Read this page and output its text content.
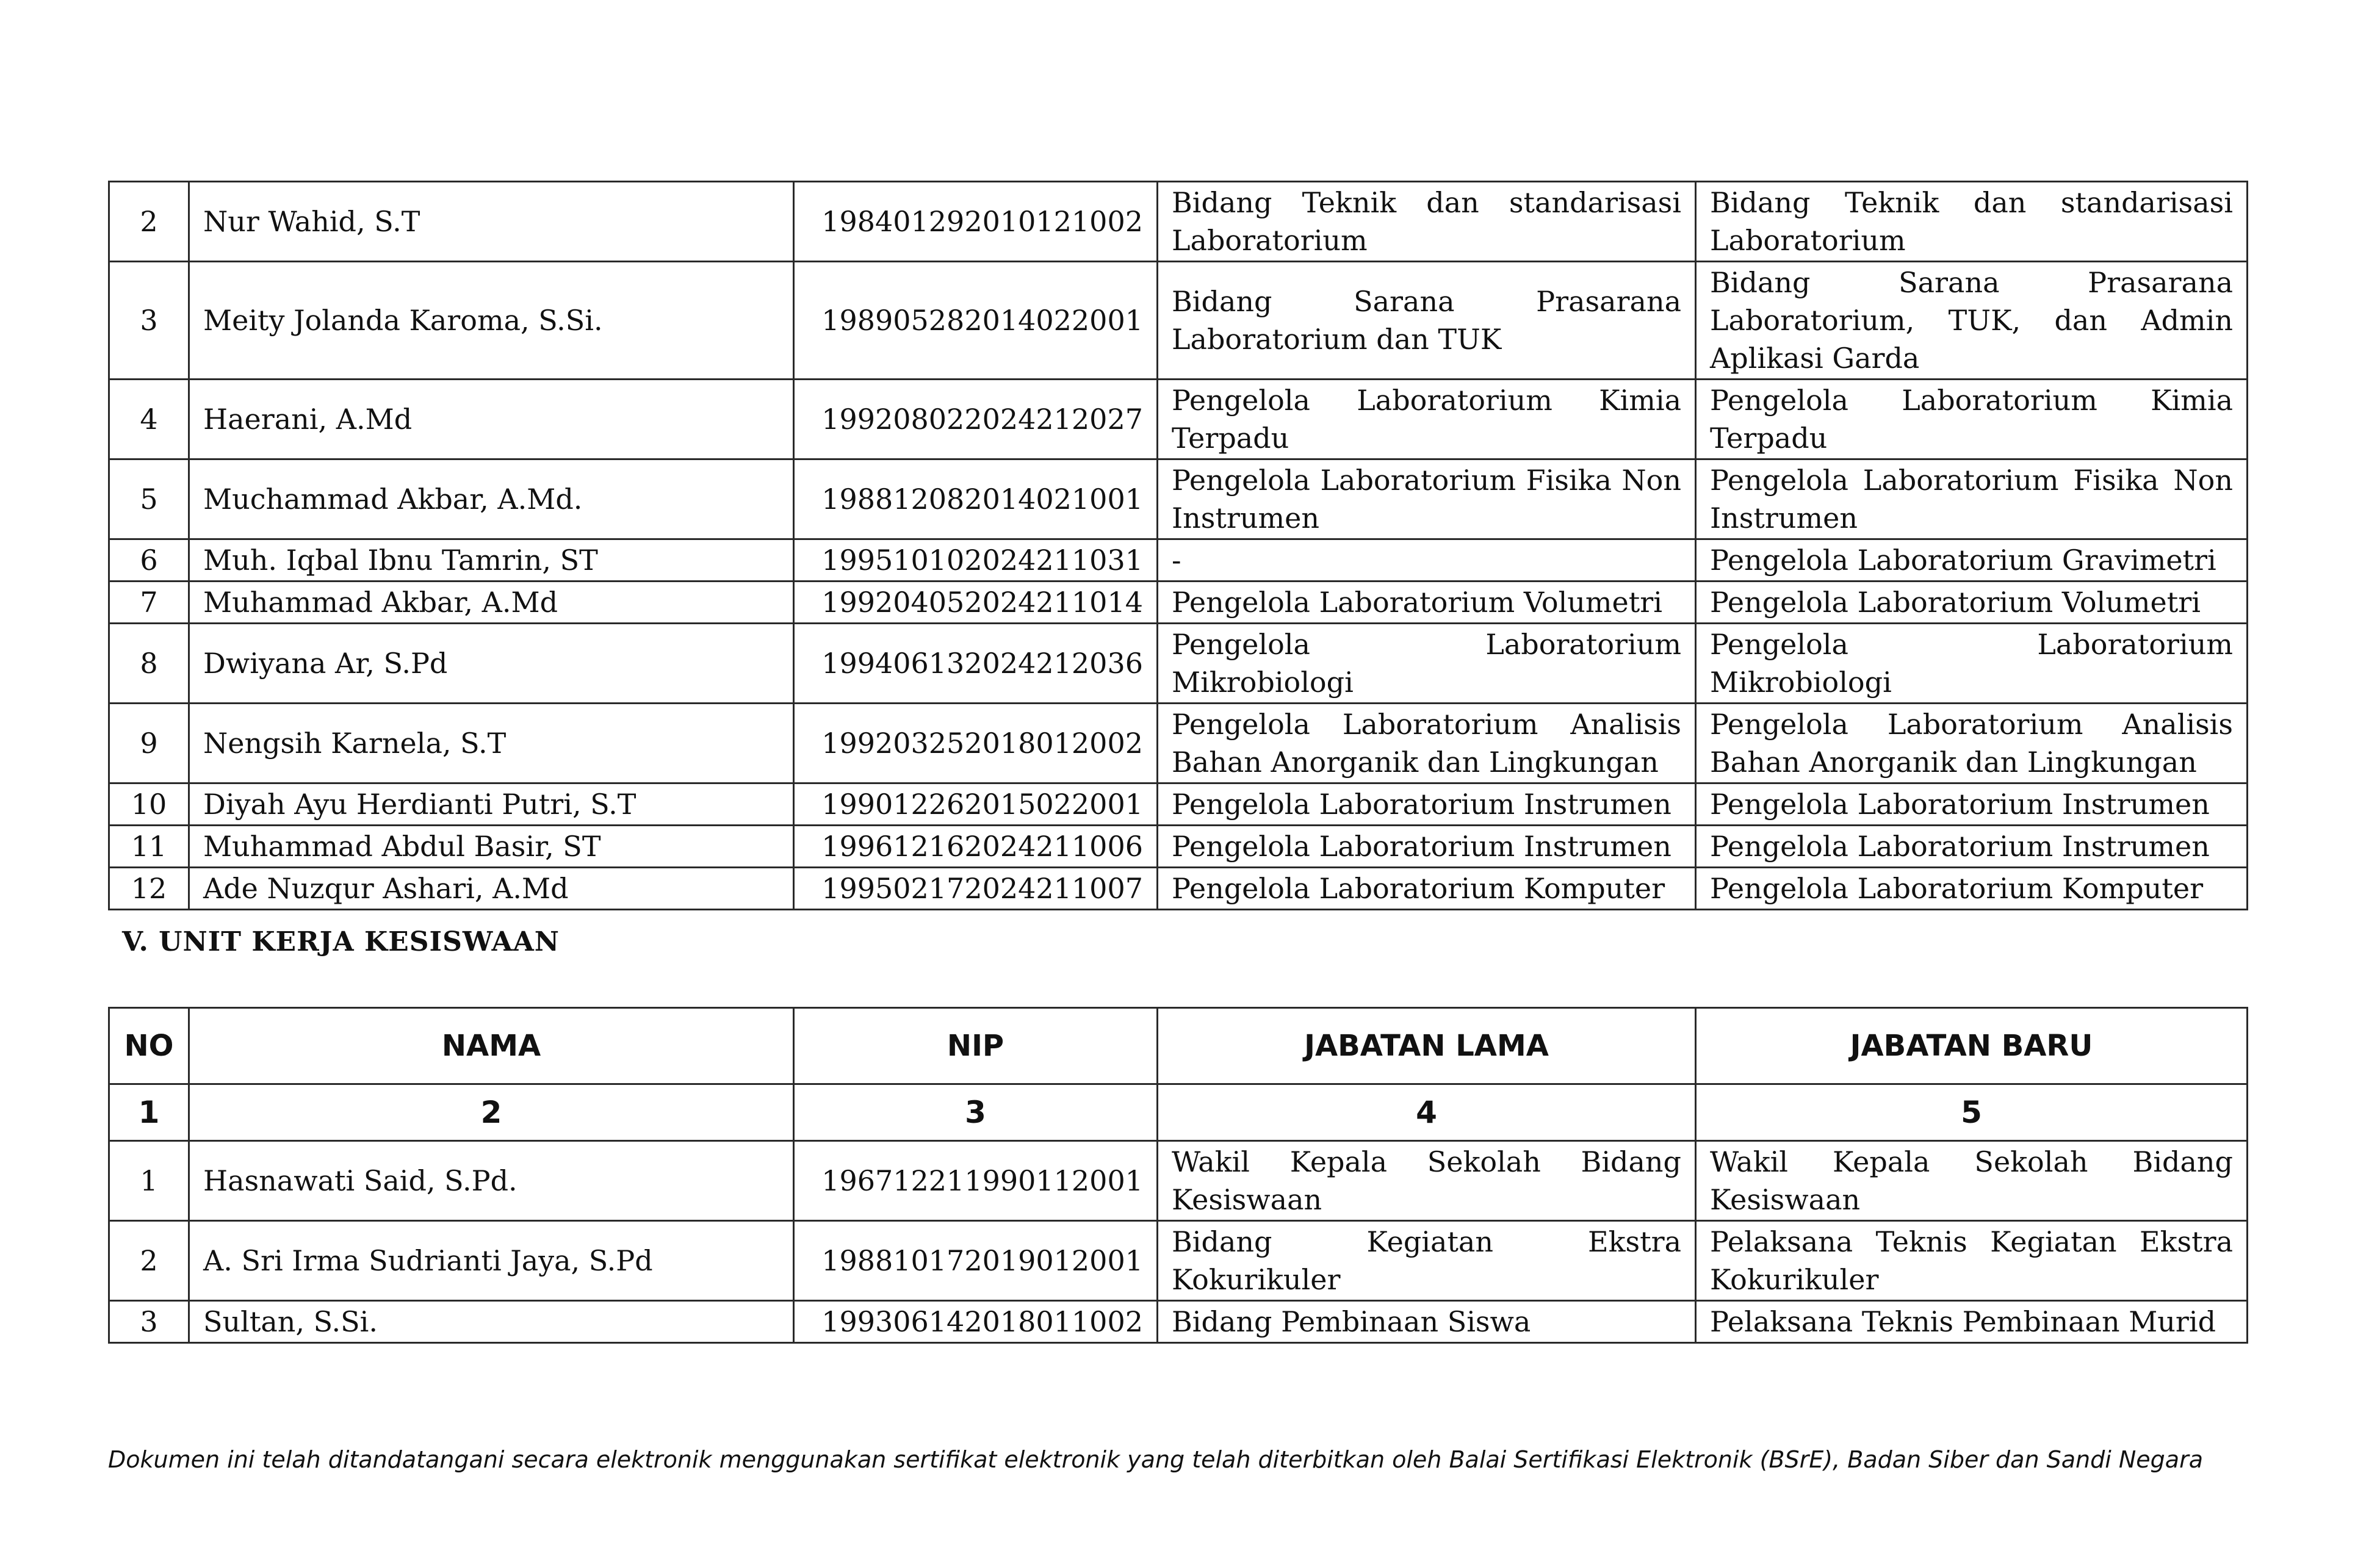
2	Nur Wahid, S.T	198401292010121002	Bidang Teknik dan standarisasi Laboratorium	Bidang Teknik dan standarisasi Laboratorium
3	Meity Jolanda Karoma, S.Si.	198905282014022001	Bidang Sarana Prasarana Laboratorium dan TUK	Bidang Sarana Prasarana Laboratorium, TUK, dan Admin Aplikasi Garda
4	Haerani, A.Md	199208022024212027	Pengelola Laboratorium Kimia Terpadu	Pengelola Laboratorium Kimia Terpadu
5	Muchammad Akbar, A.Md.	198812082014021001	Pengelola Laboratorium Fisika Non Instrumen	Pengelola Laboratorium Fisika Non Instrumen
6	Muh. Iqbal Ibnu Tamrin, ST	199510102024211031	-	Pengelola Laboratorium Gravimetri
7	Muhammad Akbar, A.Md	199204052024211014	Pengelola Laboratorium Volumetri	Pengelola Laboratorium Volumetri
8	Dwiyana Ar, S.Pd	199406132024212036	Pengelola Laboratorium Mikrobiologi	Pengelola Laboratorium Mikrobiologi
9	Nengsih Karnela, S.T	199203252018012002	Pengelola Laboratorium Analisis Bahan Anorganik dan Lingkungan	Pengelola Laboratorium Analisis Bahan Anorganik dan Lingkungan
10	Diyah Ayu Herdianti Putri, S.T	199012262015022001	Pengelola Laboratorium Instrumen	Pengelola Laboratorium Instrumen
11	Muhammad Abdul Basir, ST	199612162024211006	Pengelola Laboratorium Instrumen	Pengelola Laboratorium Instrumen
12	Ade Nuzqur Ashari, A.Md	199502172024211007	Pengelola Laboratorium Komputer	Pengelola Laboratorium Komputer
V. UNIT KERJA KESISWAAN
NO	NAMA	NIP	JABATAN LAMA	JABATAN BARU
1	2	3	4	5
1	Hasnawati Said, S.Pd.	196712211990112001	Wakil Kepala Sekolah Bidang Kesiswaan	Wakil Kepala Sekolah Bidang Kesiswaan
2	A. Sri Irma Sudrianti Jaya, S.Pd	198810172019012001	Bidang Kegiatan Ekstra Kokurikuler	Pelaksana Teknis Kegiatan Ekstra Kokurikuler
3	Sultan, S.Si.	199306142018011002	Bidang Pembinaan Siswa	Pelaksana Teknis Pembinaan Murid
Dokumen ini telah ditandatangani secara elektronik menggunakan sertifikat elektronik yang telah diterbitkan oleh Balai Sertifikasi Elektronik (BSrE), Badan Siber dan Sandi Negara
